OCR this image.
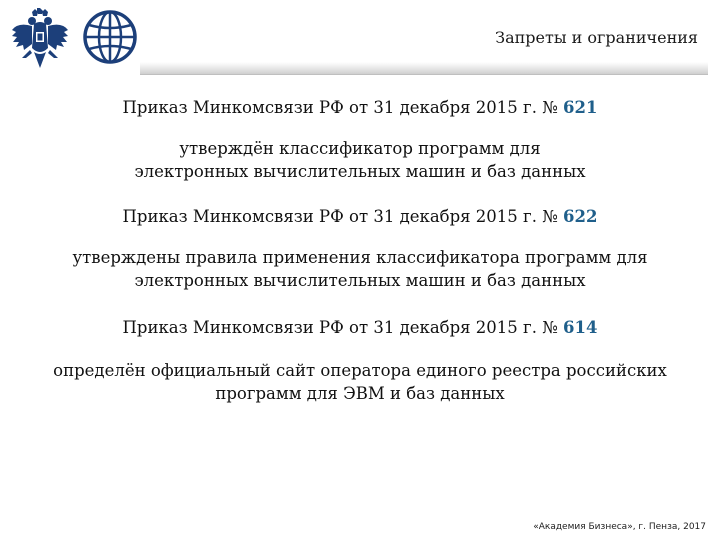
Запреты и ограничения

Приказ Минкомсвязи РФ от 31 декабря 2015 г. № 621

утверждён классификатор программ для электронных вычислительных машин и баз данных

Приказ Минкомсвязи РФ от 31 декабря 2015 г. № 622

утверждены правила применения классификатора программ для электронных вычислительных машин и баз данных

Приказ Минкомсвязи РФ от 31 декабря 2015 г. № 614

определён официальный сайт оператора единого реестра российских программ для ЭВМ и баз данных

«Академия Бизнеса», г. Пенза, 2017
